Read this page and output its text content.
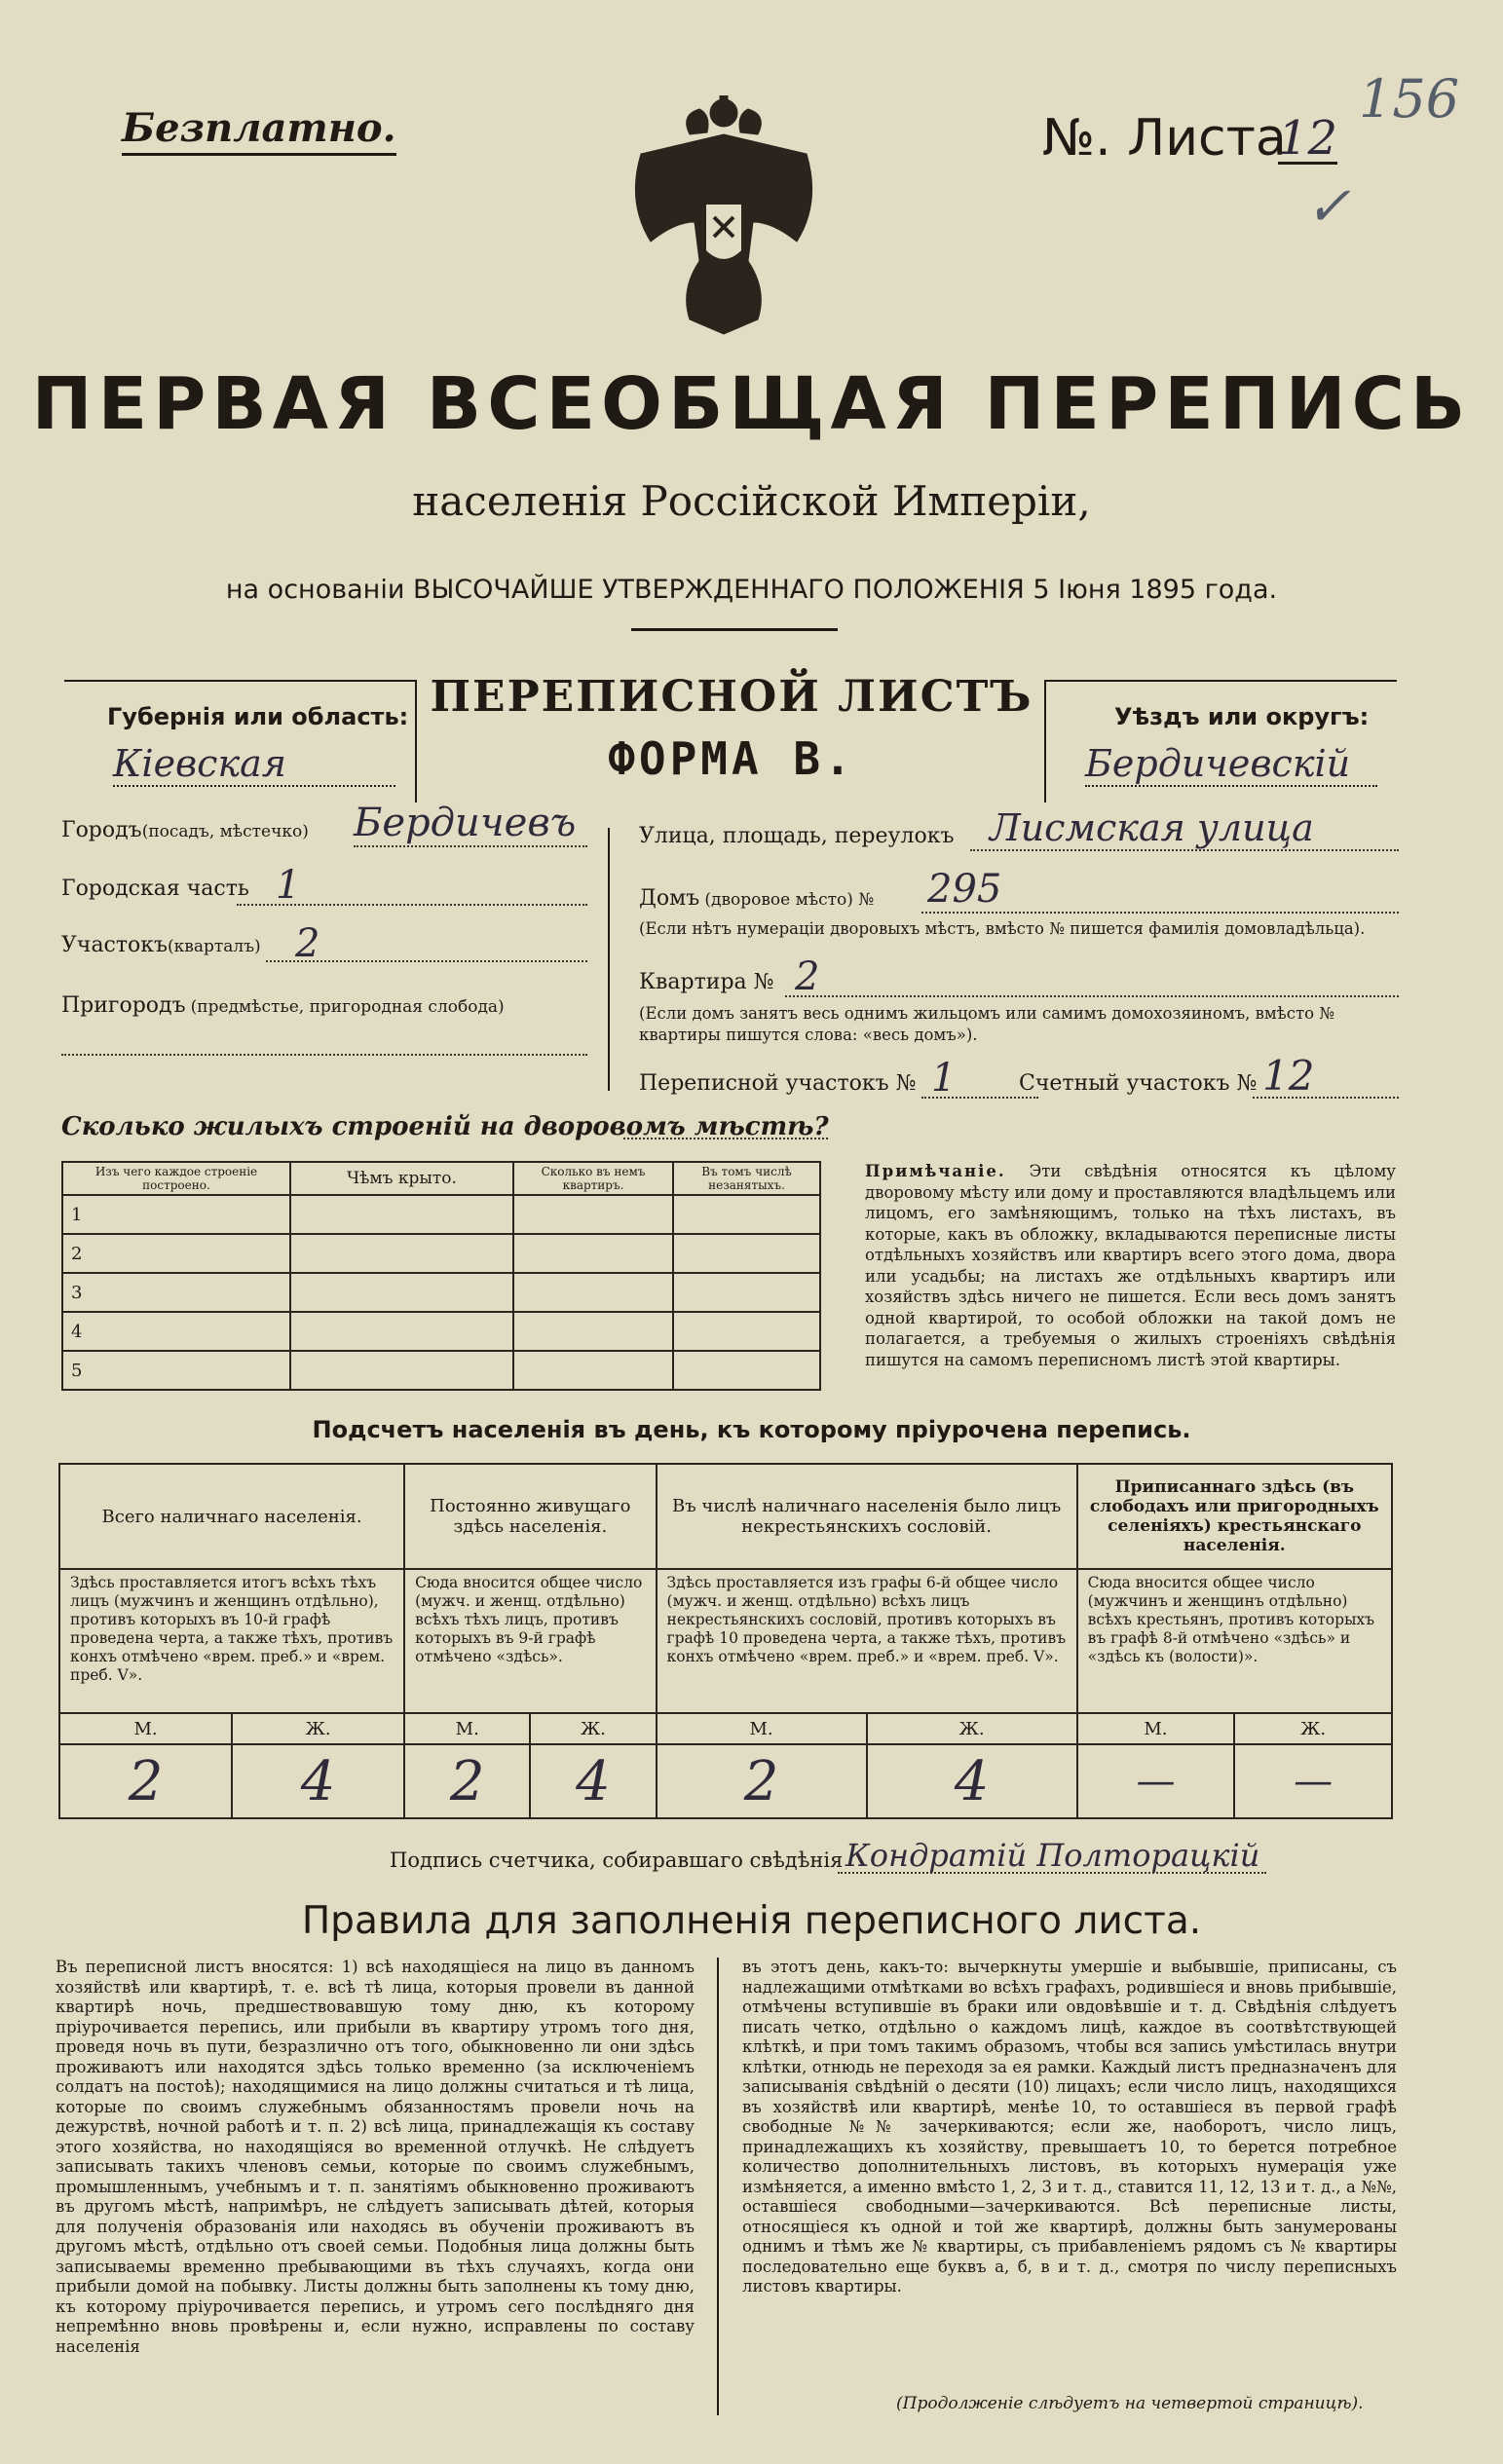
Безплатно.	№. Листа
12
156
✓
ПЕРВАЯ ВСЕОБЩАЯ ПЕРЕПИСЬ
населенія Россійской Имперіи,
на основаніи ВЫСОЧАЙШЕ УТВЕРЖДЕННАГО ПОЛОЖЕНІЯ 5 Іюня 1895 года.
Губернія или область:
Кіевская
ПЕРЕПИСНОЙ ЛИСТЪ
ФОРМА В.
Уѣздъ или округъ:
Бердичевскій
Городъ(посадъ, мѣстечко) Бердичевъ
Городская часть 1
Участокъ(кварталъ) 2
Пригородъ (предмѣстье, пригородная слобода)
Улица, площадь, переулокъ Лисмская улица
Домъ (дворовое мѣсто) № 295
(Если нѣтъ нумераціи дворовыхъ мѣстъ, вмѣсто № пишется фамилія домовладѣльца).
Квартира № 2
(Если домъ занятъ весь однимъ жильцомъ или самимъ домохозяиномъ, вмѣсто № квартиры пишутся слова: «весь домъ»).
Переписной участокъ № 1	Счетный участокъ № 12
Сколько жилыхъ строеній на дворовомъ мѣстѣ?
Изъ чего каждое строеніе построено.	Чѣмъ крыто.	Сколько въ немъ квартиръ.	Въ томъ числѣ незанятыхъ.
1			
2			
3			
4			
5			
Примѣчаніе. Эти свѣдѣнія относятся къ цѣлому дворовому мѣсту или дому и проставляются владѣльцемъ или лицомъ, его замѣняющимъ, только на тѣхъ листахъ, въ которые, какъ въ обложку, вкладываются переписные листы отдѣльныхъ хозяйствъ или квартиръ всего этого дома, двора или усадьбы; на листахъ же отдѣльныхъ квартиръ или хозяйствъ здѣсь ничего не пишется. Если весь домъ занятъ одной квартирой, то особой обложки на такой домъ не полагается, а требуемыя о жилыхъ строеніяхъ свѣдѣнія пишутся на самомъ переписномъ листѣ этой квартиры.
Подсчетъ населенія въ день, къ которому пріурочена перепись.
Всего наличнаго населенія.		Постоянно живущаго здѣсь населенія.		Въ числѣ наличнаго населенія было лицъ некрестьянскихъ сословій.		Приписаннаго здѣсь (въ слободахъ или пригородныхъ селеніяхъ) крестьянскаго населенія.	
Здѣсь проставляется итогъ всѣхъ тѣхъ лицъ (мужчинъ и женщинъ отдѣльно), противъ которыхъ въ 10-й графѣ проведена черта, а также тѣхъ, противъ конхъ отмѣчено «врем. преб.» и «врем. преб. V».		Сюда вносится общее число (мужч. и женщ. отдѣльно) всѣхъ тѣхъ лицъ, противъ которыхъ въ 9-й графѣ отмѣчено «здѣсь».		Здѣсь проставляется изъ графы 6-й общее число (мужч. и женщ. отдѣльно) всѣхъ лицъ некрестьянскихъ сословій, противъ которыхъ въ графѣ 10 проведена черта, а также тѣхъ, противъ конхъ отмѣчено «врем. преб.» и «врем. преб. V».		Сюда вносится общее число (мужчинъ и женщинъ отдѣльно) всѣхъ крестьянъ, противъ которыхъ въ графѣ 8-й отмѣчено «здѣсь» и «здѣсь къ (волости)».	
М.	Ж.	М.	Ж.	М.	Ж.	М.	Ж.
2	4	2	4	2	4	—	—
Подпись счетчика, собиравшаго свѣдѣнія Кондратій Полторацкій
Правила для заполненія переписного листа.
Въ переписной листъ вносятся: 1) всѣ находящіеся на лицо въ данномъ хозяйствѣ или квартирѣ, т. е. всѣ тѣ лица, которыя провели въ данной квартирѣ ночь, предшествовавшую тому дню, къ которому пріурочивается перепись, или прибыли въ квартиру утромъ того дня, проведя ночь въ пути, безразлично отъ того, обыкновенно ли они здѣсь проживаютъ или находятся здѣсь только временно (за исключеніемъ солдатъ на постоѣ); находящимися на лицо должны считаться и тѣ лица, которые по своимъ служебнымъ обязанностямъ провели ночь на дежурствѣ, ночной работѣ и т. п. 2) всѣ лица, принадлежащія къ составу этого хозяйства, но находящіяся во временной отлучкѣ. Не слѣдуетъ записывать такихъ членовъ семьи, которые по своимъ служебнымъ, промышленнымъ, учебнымъ и т. п. занятіямъ обыкновенно проживаютъ въ другомъ мѣстѣ, напримѣръ, не слѣдуетъ записывать дѣтей, которыя для полученія образованія или находясь въ обученіи проживаютъ въ другомъ мѣстѣ, отдѣльно отъ своей семьи. Подобныя лица должны быть записываемы временно пребывающими въ тѣхъ случаяхъ, когда они прибыли домой на побывку. Листы должны быть заполнены къ тому дню, къ которому пріурочивается перепись, и утромъ сего послѣдняго дня непремѣнно вновь провѣрены и, если нужно, исправлены по составу населенія
въ этотъ день, какъ-то: вычеркнуты умершіе и выбывшіе, приписаны, съ надлежащими отмѣтками во всѣхъ графахъ, родившіеся и вновь прибывшіе, отмѣчены вступившіе въ браки или овдовѣвшіе и т. д. Свѣдѣнія слѣдуетъ писать четко, отдѣльно о каждомъ лицѣ, каждое въ соотвѣтствующей клѣткѣ, и при томъ такимъ образомъ, чтобы вся запись умѣстилась внутри клѣтки, отнюдь не переходя за ея рамки. Каждый листъ предназначенъ для записыванія свѣдѣній о десяти (10) лицахъ; если число лицъ, находящихся въ хозяйствѣ или квартирѣ, менѣе 10, то оставшіеся въ первой графѣ свободные №№ зачеркиваются; если же, наоборотъ, число лицъ, принадлежащихъ къ хозяйству, превышаетъ 10, то берется потребное количество дополнительныхъ листовъ, въ которыхъ нумерація уже измѣняется, а именно вмѣсто 1, 2, 3 и т. д., ставится 11, 12, 13 и т. д., а №№, оставшіеся свободными—зачеркиваются. Всѣ переписные листы, относящіеся къ одной и той же квартирѣ, должны быть занумерованы однимъ и тѣмъ же № квартиры, съ прибавленіемъ рядомъ съ № квартиры последовательно еще буквъ а, б, в и т. д., смотря по числу переписныхъ листовъ квартиры.
(Продолженіе слѣдуетъ на четвертой страницѣ).
